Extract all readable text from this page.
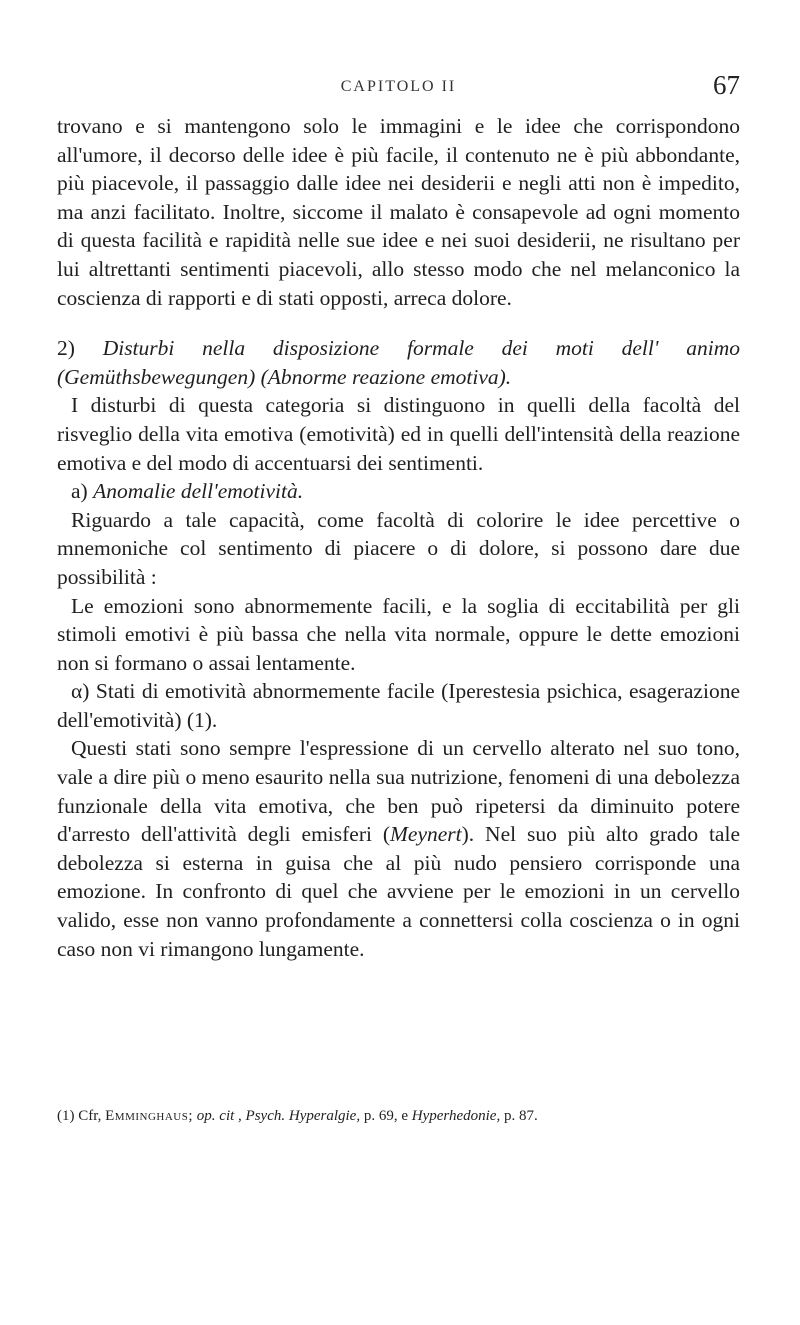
CAPITOLO II	67

trovano e si mantengono solo le immagini e le idee che corrispondono all'umore, il decorso delle idee è più facile, il contenuto ne è più abbondante, più piacevole, il passaggio dalle idee nei desiderii e negli atti non è impedito, ma anzi facilitato. Inoltre, siccome il malato è consapevole ad ogni momento di questa facilità e rapidità nelle sue idee e nei suoi desiderii, ne risultano per lui altrettanti sentimenti piacevoli, allo stesso modo che nel melanconico la coscienza di rapporti e di stati opposti, arreca dolore.

2) Disturbi nella disposizione formale dei moti dell' animo (Gemüthsbewegungen) (Abnorme reazione emotiva).

I disturbi di questa categoria si distinguono in quelli della facoltà del risveglio della vita emotiva (emotività) ed in quelli dell'intensità della reazione emotiva e del modo di accentuarsi dei sentimenti.

a) Anomalie dell'emotività.

Riguardo a tale capacità, come facoltà di colorire le idee percettive o mnemoniche col sentimento di piacere o di dolore, si possono dare due possibilità :

Le emozioni sono abnormemente facili, e la soglia di eccitabilità per gli stimoli emotivi è più bassa che nella vita normale, oppure le dette emozioni non si formano o assai lentamente.

α) Stati di emotività abnormemente facile (Iperestesia psichica, esagerazione dell'emotività) (1).

Questi stati sono sempre l'espressione di un cervello alterato nel suo tono, vale a dire più o meno esaurito nella sua nutrizione, fenomeni di una debolezza funzionale della vita emotiva, che ben può ripetersi da diminuito potere d'arresto dell'attività degli emisferi (Meynert). Nel suo più alto grado tale debolezza si esterna in guisa che al più nudo pensiero corrisponde una emozione. In confronto di quel che avviene per le emozioni in un cervello valido, esse non vanno profondamente a connettersi colla coscienza o in ogni caso non vi rimangono lungamente.

(1) Cfr, Emminghaus; op. cit , Psych. Hyperalgie, p. 69, e Hyperhedonie, p. 87.
